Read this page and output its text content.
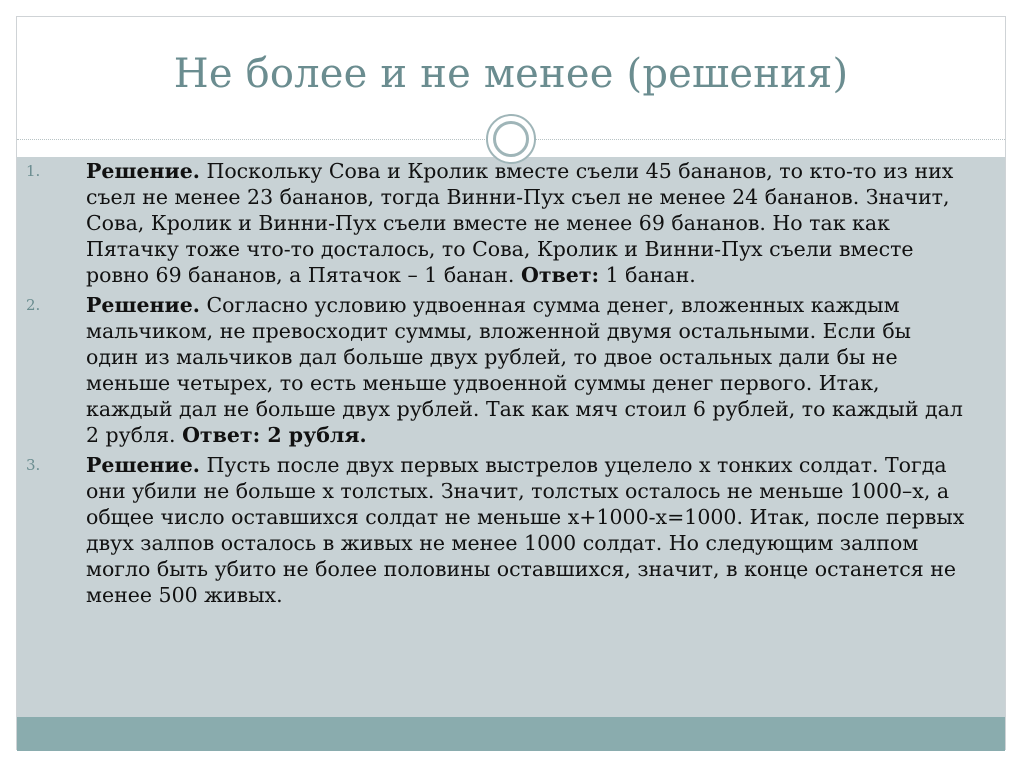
Не более и не менее (решения)
1.	Решение. Поскольку Сова и Кролик вместе съели 45 бананов, то кто-то из них съел не менее 23 бананов, тогда Винни-Пух съел не менее 24 бананов. Значит, Сова, Кролик и Винни-Пух съели вместе не менее 69 бананов. Но так как Пятачку тоже что-то досталось, то Сова, Кролик и Винни-Пух съели вместе ровно 69 бананов, а Пятачок – 1 банан. Ответ: 1 банан.
2.	Решение. Согласно условию удвоенная сумма денег, вложенных каждым мальчиком, не превосходит суммы, вложенной двумя остальными. Если бы один из мальчиков дал больше двух рублей, то двое остальных дали бы не меньше четырех, то есть меньше удвоенной суммы денег первого. Итак, каждый дал не больше двух рублей. Так как мяч стоил 6 рублей, то каждый дал 2 рубля. Ответ: 2 рубля.
3.	Решение. Пусть после двух первых выстрелов уцелело х тонких солдат. Тогда они убили не больше х толстых. Значит, толстых осталось не меньше 1000–х, а общее число оставшихся солдат не меньше х+1000-х=1000. Итак, после первых двух залпов осталось в живых не менее 1000 солдат. Но следующим залпом могло быть убито не более половины оставшихся, значит, в конце останется не менее 500 живых.
